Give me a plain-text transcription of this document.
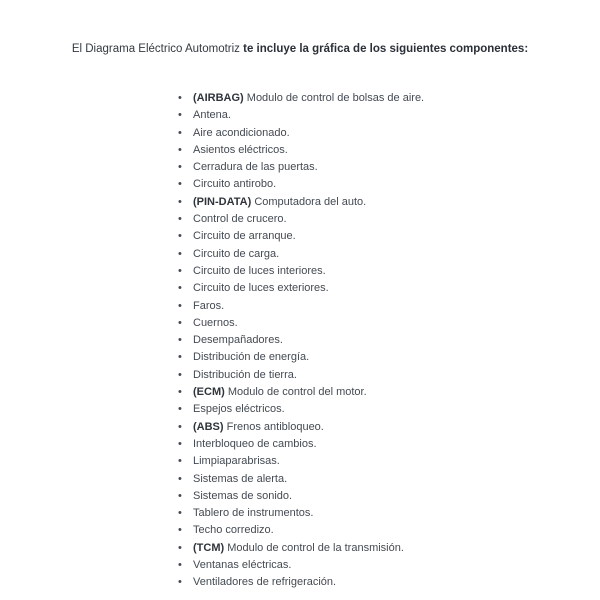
El Diagrama Eléctrico Automotriz te incluye la gráfica de los siguientes componentes:
• (AIRBAG) Modulo de control de bolsas de aire.
• Antena.
• Aire acondicionado.
• Asientos eléctricos.
• Cerradura de las puertas.
• Circuito antirobo.
• (PIN-DATA) Computadora del auto.
• Control de crucero.
• Circuito de arranque.
• Circuito de carga.
• Circuito de luces interiores.
• Circuito de luces exteriores.
• Faros.
• Cuernos.
• Desempañadores.
• Distribución de energía.
• Distribución de tierra.
• (ECM) Modulo de control del motor.
• Espejos eléctricos.
• (ABS) Frenos antibloqueo.
• Interbloqueo de cambios.
• Limpiaparabrisas.
• Sistemas de alerta.
• Sistemas de sonido.
• Tablero de instrumentos.
• Techo corredizo.
• (TCM) Modulo de control de la transmisión.
• Ventanas eléctricas.
• Ventiladores de refrigeración.
